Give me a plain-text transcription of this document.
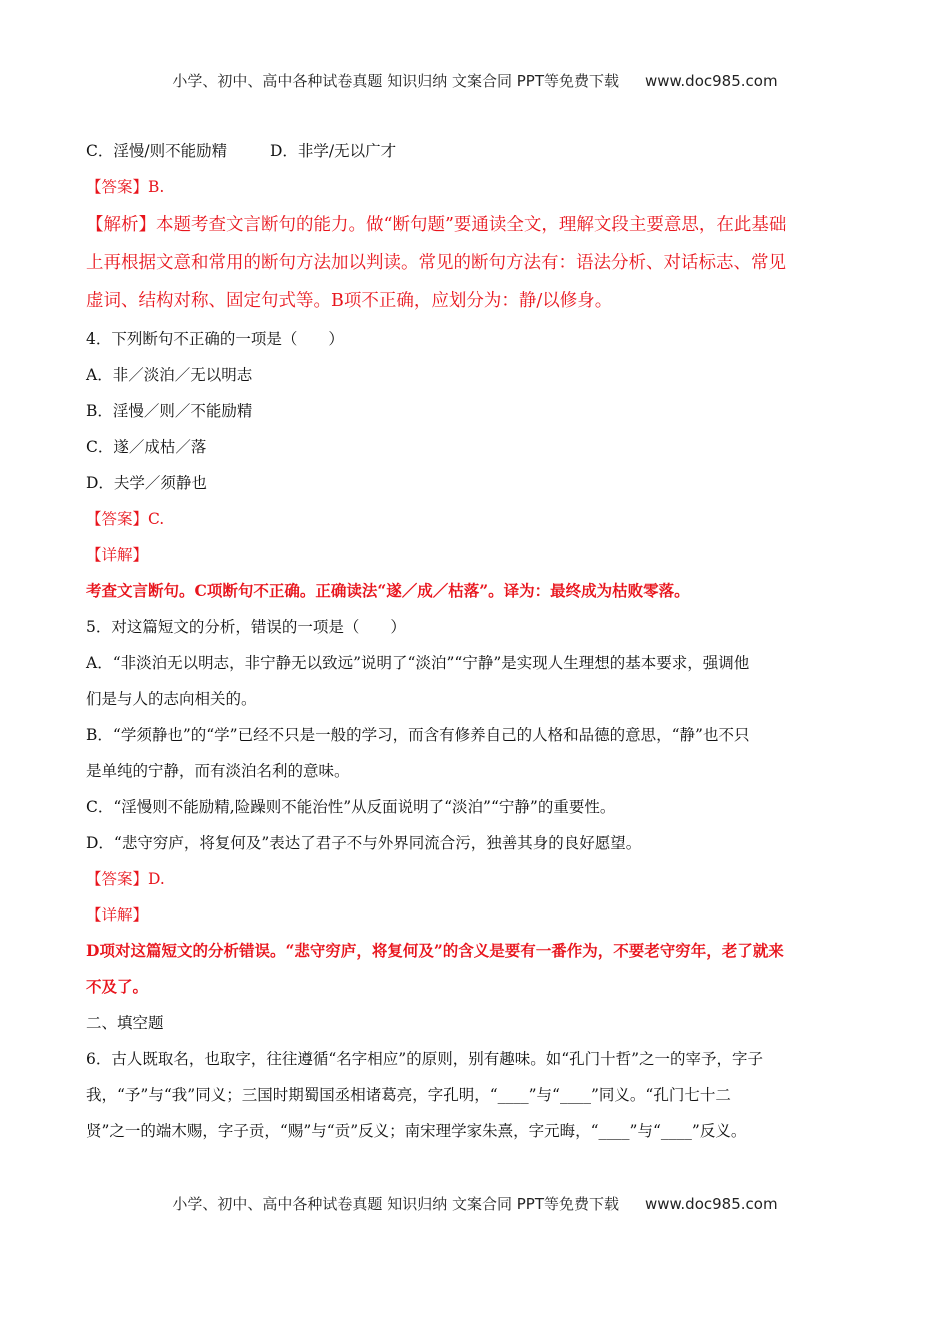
小学、初中、高中各种试卷真题 知识归纳 文案合同 PPT等免费下载 www.doc985.com

C．淫慢/则不能励精	D．非学/无以广才

【答案】B.

【解析】本题考查文言断句的能力。做“断句题”要通读全文，理解文段主要意思，在此基础

上再根据文意和常用的断句方法加以判读。常见的断句方法有：语法分析、对话标志、常见

虚词、结构对称、固定句式等。B项不正确，应划分为：静/以修身。

4．下列断句不正确的一项是（　　）

A．非／淡泊／无以明志

B．淫慢／则／不能励精

C．遂／成枯／落

D．夫学／须静也

【答案】C.

【详解】

考查文言断句。C项断句不正确。正确读法“遂／成／枯落”。译为：最终成为枯败零落。

5．对这篇短文的分析，错误的一项是（　　）

A．“非淡泊无以明志，非宁静无以致远”说明了“淡泊”“宁静”是实现人生理想的基本要求，强调他

们是与人的志向相关的。

B．“学须静也”的“学”已经不只是一般的学习，而含有修养自己的人格和品德的意思，“静”也不只

是单纯的宁静，而有淡泊名利的意味。

C．“淫慢则不能励精,险躁则不能治性”从反面说明了“淡泊”“宁静”的重要性。

D．“悲守穷庐，将复何及”表达了君子不与外界同流合污，独善其身的良好愿望。

【答案】D.

【详解】

D项对这篇短文的分析错误。“悲守穷庐，将复何及”的含义是要有一番作为，不要老守穷年，老了就来

不及了。

二、填空题

6．古人既取名，也取字，往往遵循“名字相应”的原则，别有趣味。如“孔门十哲”之一的宰予，字子

我，“予”与“我”同义；三国时期蜀国丞相诸葛亮，字孔明，“____”与“____”同义。“孔门七十二

贤”之一的端木赐，字子贡，“赐”与“贡”反义；南宋理学家朱熹，字元晦，“____”与“____”反义。

小学、初中、高中各种试卷真题 知识归纳 文案合同 PPT等免费下载 www.doc985.com
